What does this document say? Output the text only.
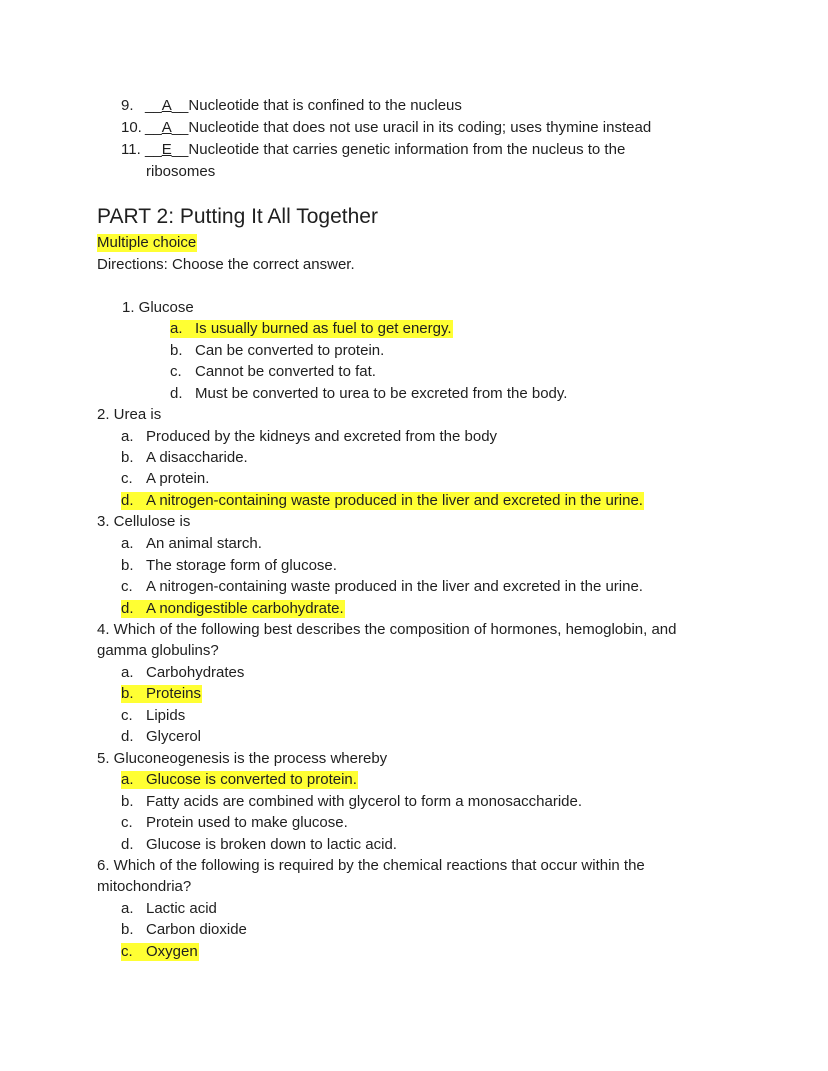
9. __A__Nucleotide that is confined to the nucleus
10. __A__Nucleotide that does not use uracil in its coding; uses thymine instead
11. __E__Nucleotide that carries genetic information from the nucleus to the
ribosomes
PART 2: Putting It All Together
Multiple choice
Directions: Choose the correct answer.
1. Glucose
a. Is usually burned as fuel to get energy.
b. Can be converted to protein.
c. Cannot be converted to fat.
d. Must be converted to urea to be excreted from the body.
2. Urea is
a. Produced by the kidneys and excreted from the body
b. A disaccharide.
c. A protein.
d. A nitrogen-containing waste produced in the liver and excreted in the urine.
3. Cellulose is
a. An animal starch.
b. The storage form of glucose.
c. A nitrogen-containing waste produced in the liver and excreted in the urine.
d. A nondigestible carbohydrate.
4. Which of the following best describes the composition of hormones, hemoglobin, and
gamma globulins?
a. Carbohydrates
b. Proteins
c. Lipids
d. Glycerol
5. Gluconeogenesis is the process whereby
a. Glucose is converted to protein.
b. Fatty acids are combined with glycerol to form a monosaccharide.
c. Protein used to make glucose.
d. Glucose is broken down to lactic acid.
6. Which of the following is required by the chemical reactions that occur within the
mitochondria?
a. Lactic acid
b. Carbon dioxide
c. Oxygen
